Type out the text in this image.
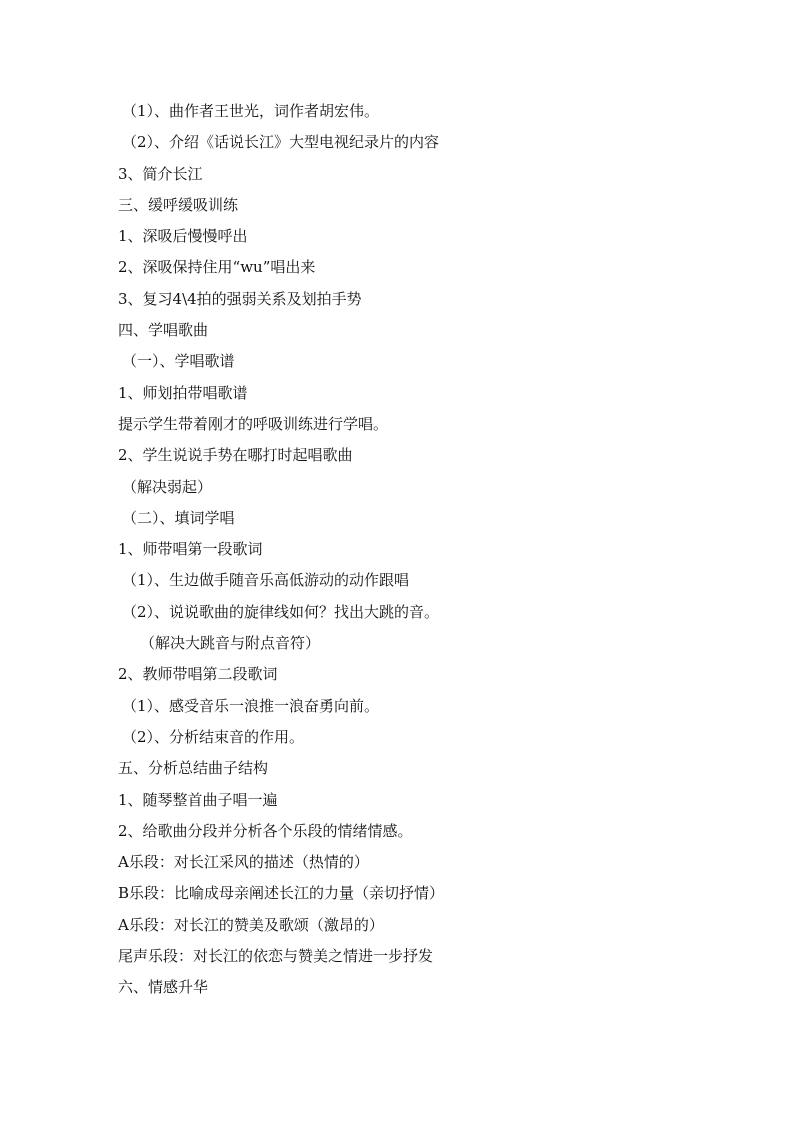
（1）、曲作者王世光，词作者胡宏伟。
（2）、介绍《话说长江》大型电视纪录片的内容
3、简介长江
三、缓呼缓吸训练
1、深吸后慢慢呼出
2、深吸保持住用“wu”唱出来
3、复习4\4拍的强弱关系及划拍手势
四、学唱歌曲
（一）、学唱歌谱
1、师划拍带唱歌谱
提示学生带着刚才的呼吸训练进行学唱。
2、学生说说手势在哪打时起唱歌曲
（解决弱起）
（二）、填词学唱
1、师带唱第一段歌词
（1）、生边做手随音乐高低游动的动作跟唱
（2）、说说歌曲的旋律线如何？找出大跳的音。
（解决大跳音与附点音符）
2、教师带唱第二段歌词
（1）、感受音乐一浪推一浪奋勇向前。
（2）、分析结束音的作用。
五、分析总结曲子结构
1、随琴整首曲子唱一遍
2、给歌曲分段并分析各个乐段的情绪情感。
A乐段：对长江采风的描述（热情的）
B乐段：比喻成母亲阐述长江的力量（亲切抒情）
A乐段：对长江的赞美及歌颂（激昂的）
尾声乐段：对长江的依恋与赞美之情进一步抒发
六、情感升华
